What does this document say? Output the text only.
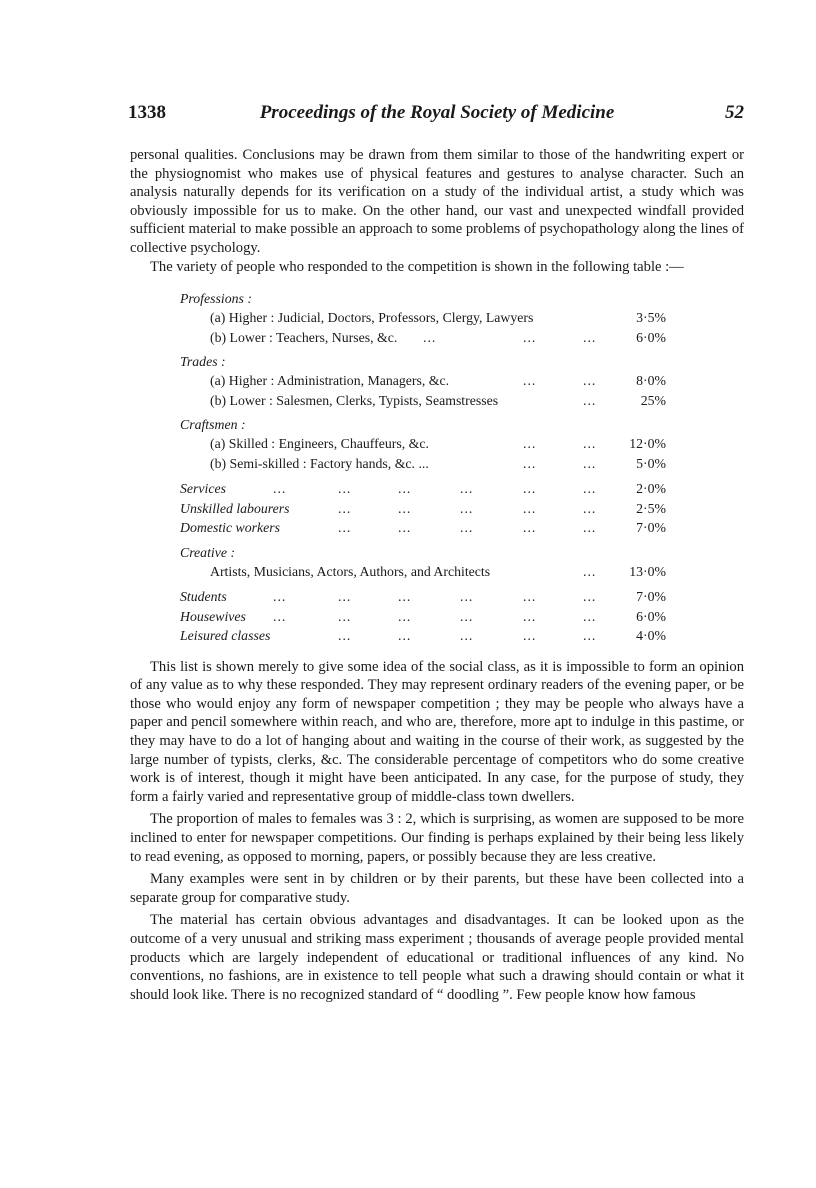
1338	Proceedings of the Royal Society of Medicine	52

personal qualities. Conclusions may be drawn from them similar to those of the handwriting expert or the physiognomist who makes use of physical features and gestures to analyse character. Such an analysis naturally depends for its verification on a study of the individual artist, a study which was obviously impossible for us to make. On the other hand, our vast and unexpected windfall provided sufficient material to make possible an approach to some problems of psychopathology along the lines of collective psychology.

The variety of people who responded to the competition is shown in the following table :—

Professions :
(a) Higher : Judicial, Doctors, Professors, Clergy, Lawyers	3·5%
(b) Lower : Teachers, Nurses, &c. ...	...	...	6·0%
Trades :
(a) Higher : Administration, Managers, &c.	...	...	8·0%
(b) Lower : Salesmen, Clerks, Typists, Seamstresses	...	25%
Craftsmen :
(a) Skilled : Engineers, Chauffeurs, &c.	...	... 12·0%
(b) Semi-skilled : Factory hands, &c. ...	...	...	5·0%
Services	...	...	...	...	...	...	2·0%
Unskilled labourers	...	...	...	...	...	2·5%
Domestic workers	...	...	...	...	...	7·0%
Creative :
Artists, Musicians, Actors, Authors, and Architects	... 13·0%
Students	...	...	...	...	...	...	7·0%
Housewives ...	...	...	...	...	...	6·0%
Leisured classes	...	...	...	...	...	4·0%

This list is shown merely to give some idea of the social class, as it is impossible to form an opinion of any value as to why these responded. They may represent ordinary readers of the evening paper, or be those who would enjoy any form of newspaper competition ; they may be people who always have a paper and pencil somewhere within reach, and who are, therefore, more apt to indulge in this pastime, or they may have to do a lot of hanging about and waiting in the course of their work, as suggested by the large number of typists, clerks, &c. The considerable percentage of competitors who do some creative work is of interest, though it might have been anticipated. In any case, for the purpose of study, they form a fairly varied and representative group of middle-class town dwellers.

The proportion of males to females was 3 : 2, which is surprising, as women are supposed to be more inclined to enter for newspaper competitions. Our finding is perhaps explained by their being less likely to read evening, as opposed to morning, papers, or possibly because they are less creative.

Many examples were sent in by children or by their parents, but these have been collected into a separate group for comparative study.

The material has certain obvious advantages and disadvantages. It can be looked upon as the outcome of a very unusual and striking mass experiment ; thousands of average people provided mental products which are largely independent of educational or traditional influences of any kind. No conventions, no fashions, are in existence to tell people what such a drawing should contain or what it should look like. There is no recognized standard of “ doodling ”. Few people know how famous
